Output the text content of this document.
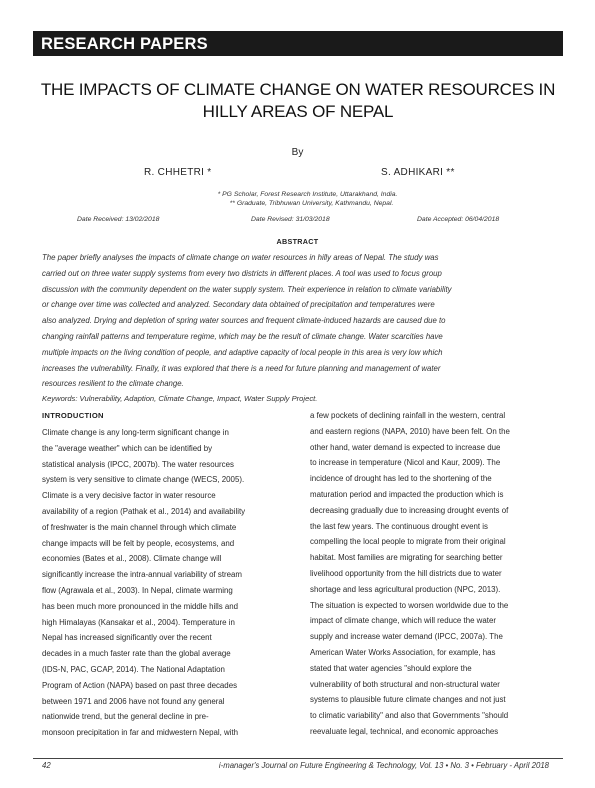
RESEARCH PAPERS
THE IMPACTS OF CLIMATE CHANGE ON WATER RESOURCES IN
HILLY AREAS OF NEPAL
By
R. CHHETRI *	S. ADHIKARI **
* PG Scholar, Forest Research Institute, Uttarakhand, India.
** Graduate, Tribhuwan University, Kathmandu, Nepal.
Date Received: 13/02/2018	Date Revised: 31/03/2018	Date Accepted: 06/04/2018
ABSTRACT
The paper briefly analyses the impacts of climate change on water resources in hilly areas of Nepal. The study was
carried out on three water supply systems from every two districts in different places. A tool was used to focus group
discussion with the community dependent on the water supply system. Their experience in relation to climate variability
or change over time was collected and analyzed. Secondary data obtained of precipitation and temperatures were
also analyzed. Drying and depletion of spring water sources and frequent climate-induced hazards are caused due to
changing rainfall patterns and temperature regime, which may be the result of climate change. Water scarcities have
multiple impacts on the living condition of people, and adaptive capacity of local people in this area is very low which
increases the vulnerability. Finally, it was explored that there is a need for future planning and management of water
resources resilient to the climate change.
Keywords: Vulnerability, Adaption, Climate Change, Impact, Water Supply Project.
INTRODUCTION
Climate change is any long-term significant change in
the "average weather" which can be identified by
statistical analysis (IPCC, 2007b). The water resources
system is very sensitive to climate change (WECS, 2005).
Climate is a very decisive factor in water resource
availability of a region (Pathak et al., 2014) and availability
of freshwater is the main channel through which climate
change impacts will be felt by people, ecosystems, and
economies (Bates et al., 2008). Climate change will
significantly increase the intra-annual variability of stream
flow (Agrawala et al., 2003). In Nepal, climate warming
has been much more pronounced in the middle hills and
high Himalayas (Kansakar et al., 2004). Temperature in
Nepal has increased significantly over the recent
decades in a much faster rate than the global average
(IDS-N, PAC, GCAP, 2014). The National Adaptation
Program of Action (NAPA) based on past three decades
between 1971 and 2006 have not found any general
nationwide trend, but the general decline in pre-
monsoon precipitation in far and midwestern Nepal, with
a few pockets of declining rainfall in the western, central
and eastern regions (NAPA, 2010) have been felt. On the
other hand, water demand is expected to increase due
to increase in temperature (Nicol and Kaur, 2009). The
incidence of drought has led to the shortening of the
maturation period and impacted the production which is
decreasing gradually due to increasing drought events of
the last few years. The continuous drought event is
compelling the local people to migrate from their original
habitat. Most families are migrating for searching better
livelihood opportunity from the hill districts due to water
shortage and less agricultural production (NPC, 2013).
The situation is expected to worsen worldwide due to the
impact of climate change, which will reduce the water
supply and increase water demand (IPCC, 2007a). The
American Water Works Association, for example, has
stated that water agencies "should explore the
vulnerability of both structural and non-structural water
systems to plausible future climate changes and not just
to climatic variability" and also that Governments "should
reevaluate legal, technical, and economic approaches
42	i-manager's Journal on Future Engineering & Technology, Vol. 13 • No. 3 • February - April 2018
